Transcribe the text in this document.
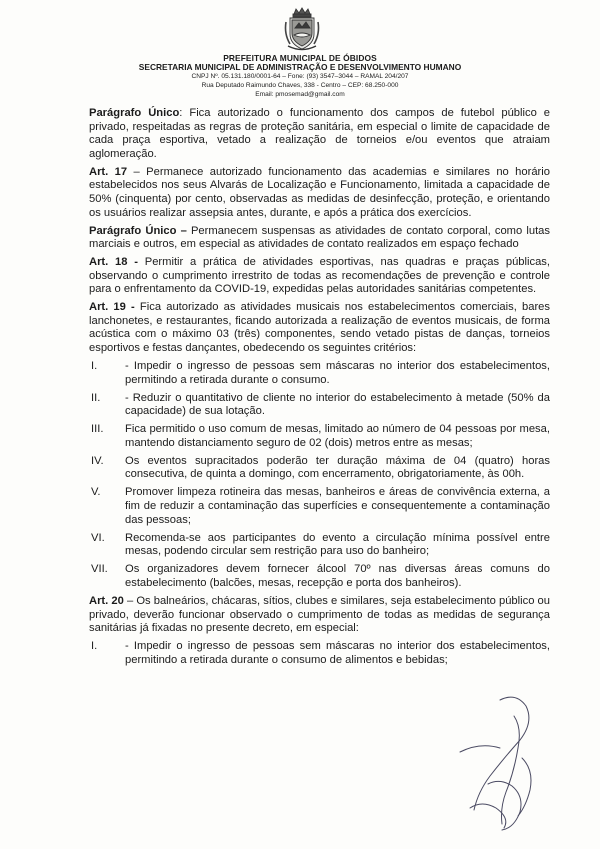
PREFEITURA MUNICIPAL DE ÓBIDOS
SECRETARIA MUNICIPAL DE ADMINISTRAÇÃO E DESENVOLVIMENTO HUMANO
CNPJ Nº. 05.131.180/0001-64 – Fone: (93) 3547–3044 – RAMAL 204/207
Rua Deputado Raimundo Chaves, 338 - Centro – CEP: 68.250-000
Email: pmosemad@gmail.com

Parágrafo Único: Fica autorizado o funcionamento dos campos de futebol público e privado, respeitadas as regras de proteção sanitária, em especial o limite de capacidade de cada praça esportiva, vetado a realização de torneios e/ou eventos que atraiam aglomeração.

Art. 17 – Permanece autorizado funcionamento das academias e similares no horário estabelecidos nos seus Alvarás de Localização e Funcionamento, limitada a capacidade de 50% (cinquenta) por cento, observadas as medidas de desinfecção, proteção, e orientando os usuários realizar assepsia antes, durante, e após a prática dos exercícios.

Parágrafo Único – Permanecem suspensas as atividades de contato corporal, como lutas marciais e outros, em especial as atividades de contato realizados em espaço fechado

Art. 18 - Permitir a prática de atividades esportivas, nas quadras e praças públicas, observando o cumprimento irrestrito de todas as recomendações de prevenção e controle para o enfrentamento da COVID-19, expedidas pelas autoridades sanitárias competentes.

Art. 19 - Fica autorizado as atividades musicais nos estabelecimentos comerciais, bares lanchonetes, e restaurantes, ficando autorizada a realização de eventos musicais, de forma acústica com o máximo 03 (três) componentes, sendo vetado pistas de danças, torneios esportivos e festas dançantes, obedecendo os seguintes critérios:

I.	- Impedir o ingresso de pessoas sem máscaras no interior dos estabelecimentos, permitindo a retirada durante o consumo.
II.	- Reduzir o quantitativo de cliente no interior do estabelecimento à metade (50% da capacidade) de sua lotação.
III.	Fica permitido o uso comum de mesas, limitado ao número de 04 pessoas por mesa, mantendo distanciamento seguro de 02 (dois) metros entre as mesas;
IV.	Os eventos supracitados poderão ter duração máxima de 04 (quatro) horas consecutiva, de quinta a domingo, com encerramento, obrigatoriamente, às 00h.
V.	Promover limpeza rotineira das mesas, banheiros e áreas de convivência externa, a fim de reduzir a contaminação das superfícies e consequentemente a contaminação das pessoas;
VI.	Recomenda-se aos participantes do evento a circulação mínima possível entre mesas, podendo circular sem restrição para uso do banheiro;
VII.	Os organizadores devem fornecer álcool 70º nas diversas áreas comuns do estabelecimento (balcões, mesas, recepção e porta dos banheiros).

Art. 20 – Os balneários, chácaras, sítios, clubes e similares, seja estabelecimento público ou privado, deverão funcionar observado o cumprimento de todas as medidas de segurança sanitárias já fixadas no presente decreto, em especial:

I.	- Impedir o ingresso de pessoas sem máscaras no interior dos estabelecimentos, permitindo a retirada durante o consumo de alimentos e bebidas;
